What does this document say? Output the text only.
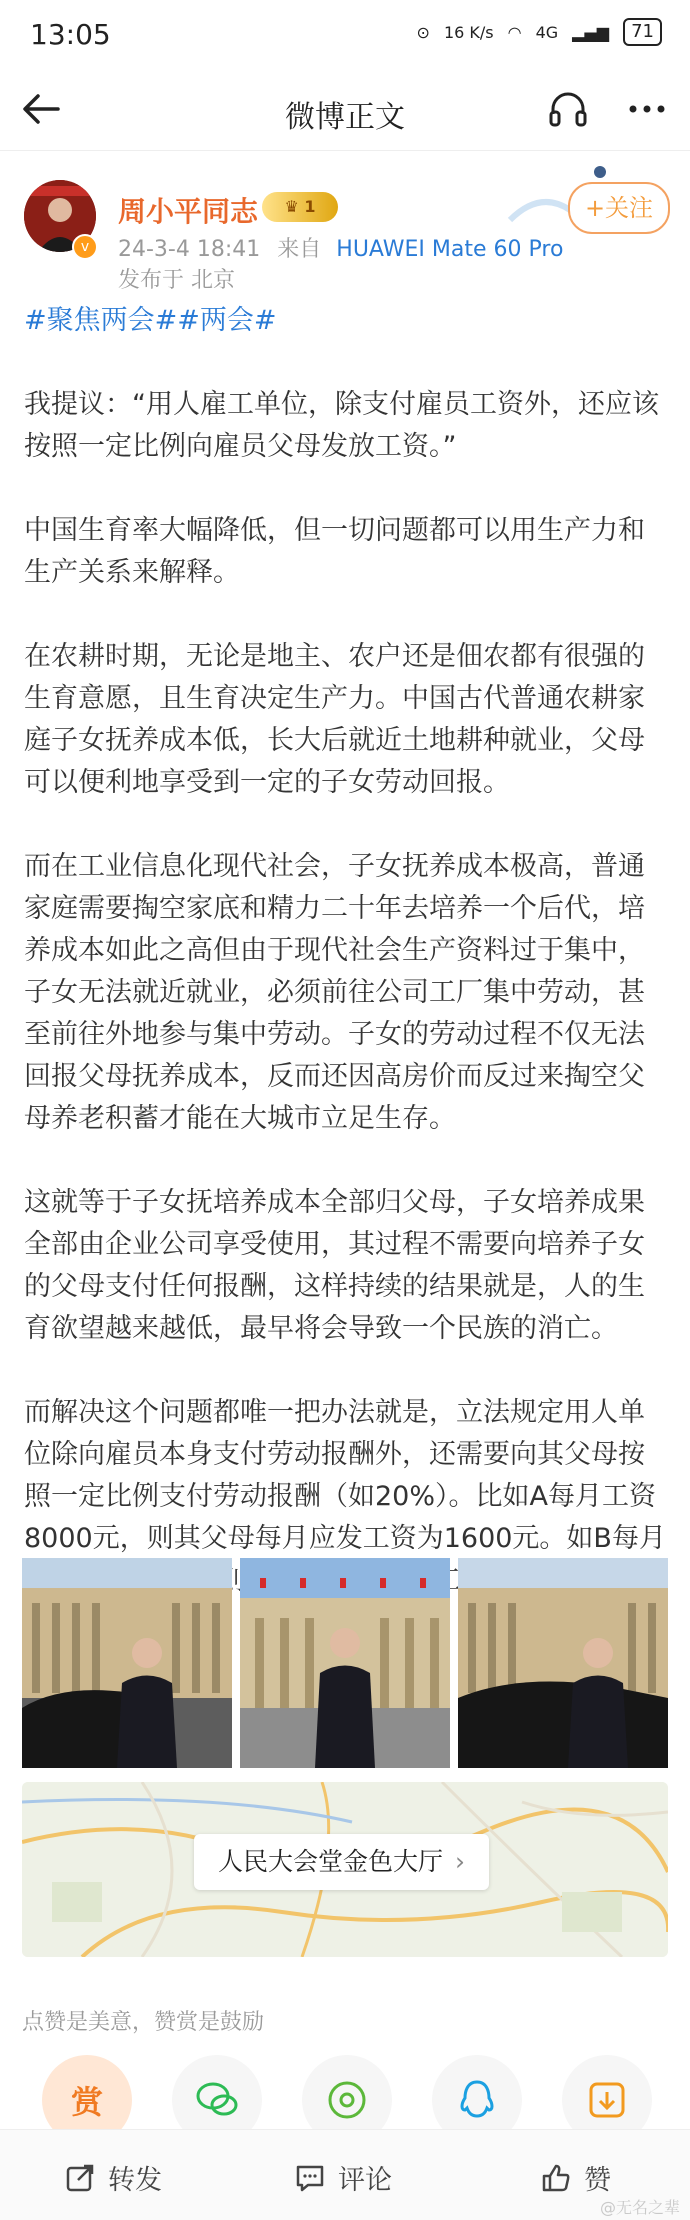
13:05	⊙ 16 K/s ◠ 4G ▂▄▆	71
微博正文
v
周小平同志	♛ 1
24-3-4 18:41 来自 HUAWEI Mate 60 Pro
发布于 北京
+关注
#聚焦两会##两会#

我提议：“用人雇工单位，除支付雇员工资外，还应该按照一定比例向雇员父母发放工资。”

中国生育率大幅降低，但一切问题都可以用生产力和生产关系来解释。

在农耕时期，无论是地主、农户还是佃农都有很强的生育意愿，且生育决定生产力。中国古代普通农耕家庭子女抚养成本低，长大后就近土地耕种就业，父母可以便利地享受到一定的子女劳动回报。

而在工业信息化现代社会，子女抚养成本极高，普通家庭需要掏空家底和精力二十年去培养一个后代，培养成本如此之高但由于现代社会生产资料过于集中，子女无法就近就业，必须前往公司工厂集中劳动，甚至前往外地参与集中劳动。子女的劳动过程不仅无法回报父母抚养成本，反而还因高房价而反过来掏空父母养老积蓄才能在大城市立足生存。

这就等于子女抚培养成本全部归父母，子女培养成果全部由企业公司享受使用，其过程不需要向培养子女的父母支付任何报酬，这样持续的结果就是，人的生育欲望越来越低，最早将会导致一个民族的消亡。

而解决这个问题都唯一把办法就是，立法规定用人单位除向雇员本身支付劳动报酬外，还需要向其父母按照一定比例支付劳动报酬（如20%）。比如A每月工资8000元，则其父母每月应发工资为1600元。如B每月 月应发工资为30

人民大会堂金色大厅 ›
点赞是美意，赞赏是鼓励
赏
转发	评论	赞
@无名之辈
